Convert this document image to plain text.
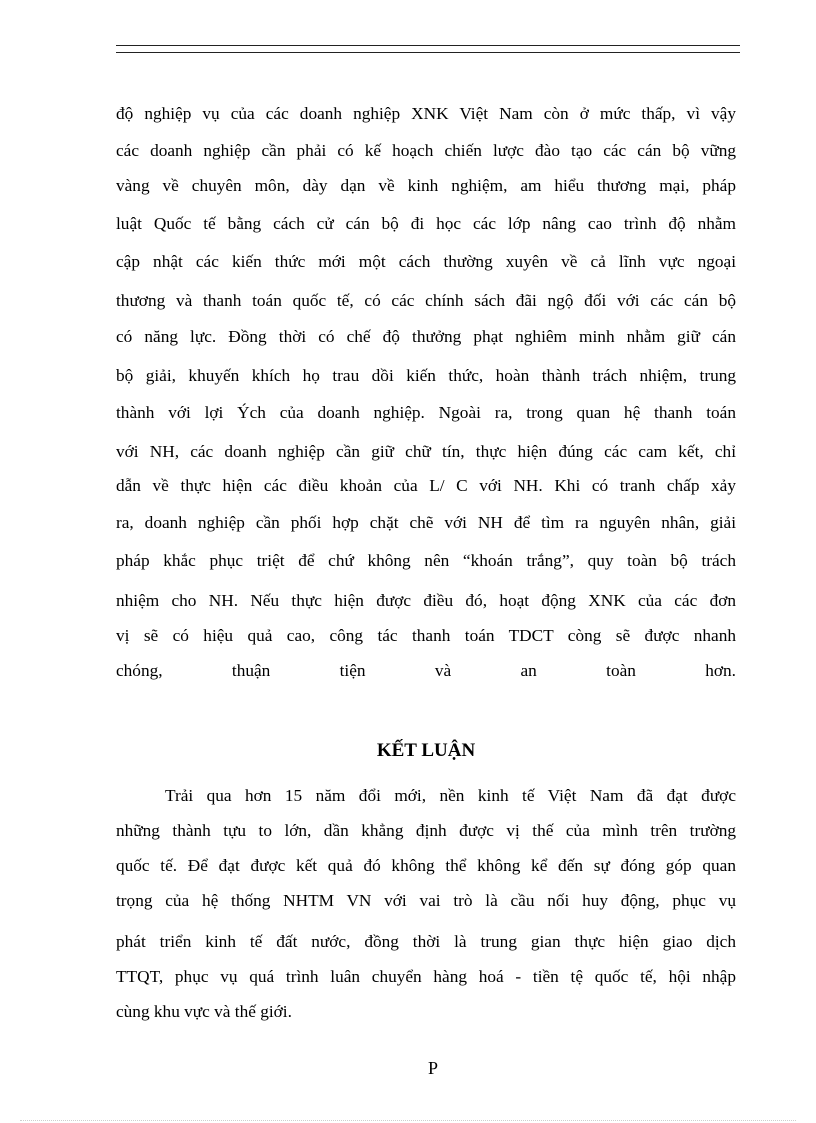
độ nghiệp vụ của các doanh nghiệp XNK Việt Nam còn ở mức thấp, vì vậy
các doanh nghiệp cần phải có kế hoạch chiến lược đào tạo các cán bộ vững
vàng về chuyên môn, dày dạn về kinh nghiệm, am hiểu thương mại, pháp
luật Quốc tế bằng cách cử cán bộ đi học các lớp nâng cao trình độ nhằm
cập nhật các kiến thức mới một cách thường xuyên về cả lĩnh vực ngoại
thương và thanh toán quốc tế, có các chính sách đãi ngộ đối với các cán bộ
có năng lực. Đồng thời có chế độ thưởng phạt nghiêm minh nhằm giữ cán
bộ giải, khuyến khích họ trau dồi kiến thức, hoàn thành trách nhiệm, trung
thành với lợi Ých của doanh nghiệp. Ngoài ra, trong quan hệ thanh toán
với NH, các doanh nghiệp cần giữ chữ tín, thực hiện đúng các cam kết, chỉ
dẫn về thực hiện các điều khoản của L/ C với NH. Khi có tranh chấp xảy
ra, doanh nghiệp cần phối hợp chặt chẽ với NH để tìm ra nguyên nhân, giải
pháp khắc phục triệt để chứ không nên “khoán trắng”, quy toàn bộ trách
nhiệm cho NH. Nếu thực hiện được điều đó, hoạt động XNK của các đơn
vị sẽ có hiệu quả cao, công tác thanh toán TDCT còng sẽ được nhanh
chóng, thuận tiện và an toàn hơn.
KẾT LUẬN
Trải qua hơn 15 năm đổi mới, nền kinh tế Việt Nam đã đạt được
những thành tựu to lớn, dần khẳng định được vị thế của mình trên trường
quốc tế. Để đạt được kết quả đó không thể không kể đến sự đóng góp quan
trọng của hệ thống NHTM VN với vai trò là cầu nối huy động, phục vụ
phát triển kinh tế đất nước, đồng thời là trung gian thực hiện giao dịch
TTQT, phục vụ quá trình luân chuyển hàng hoá - tiền tệ quốc tế, hội nhập
cùng khu vực và thế giới.
P
